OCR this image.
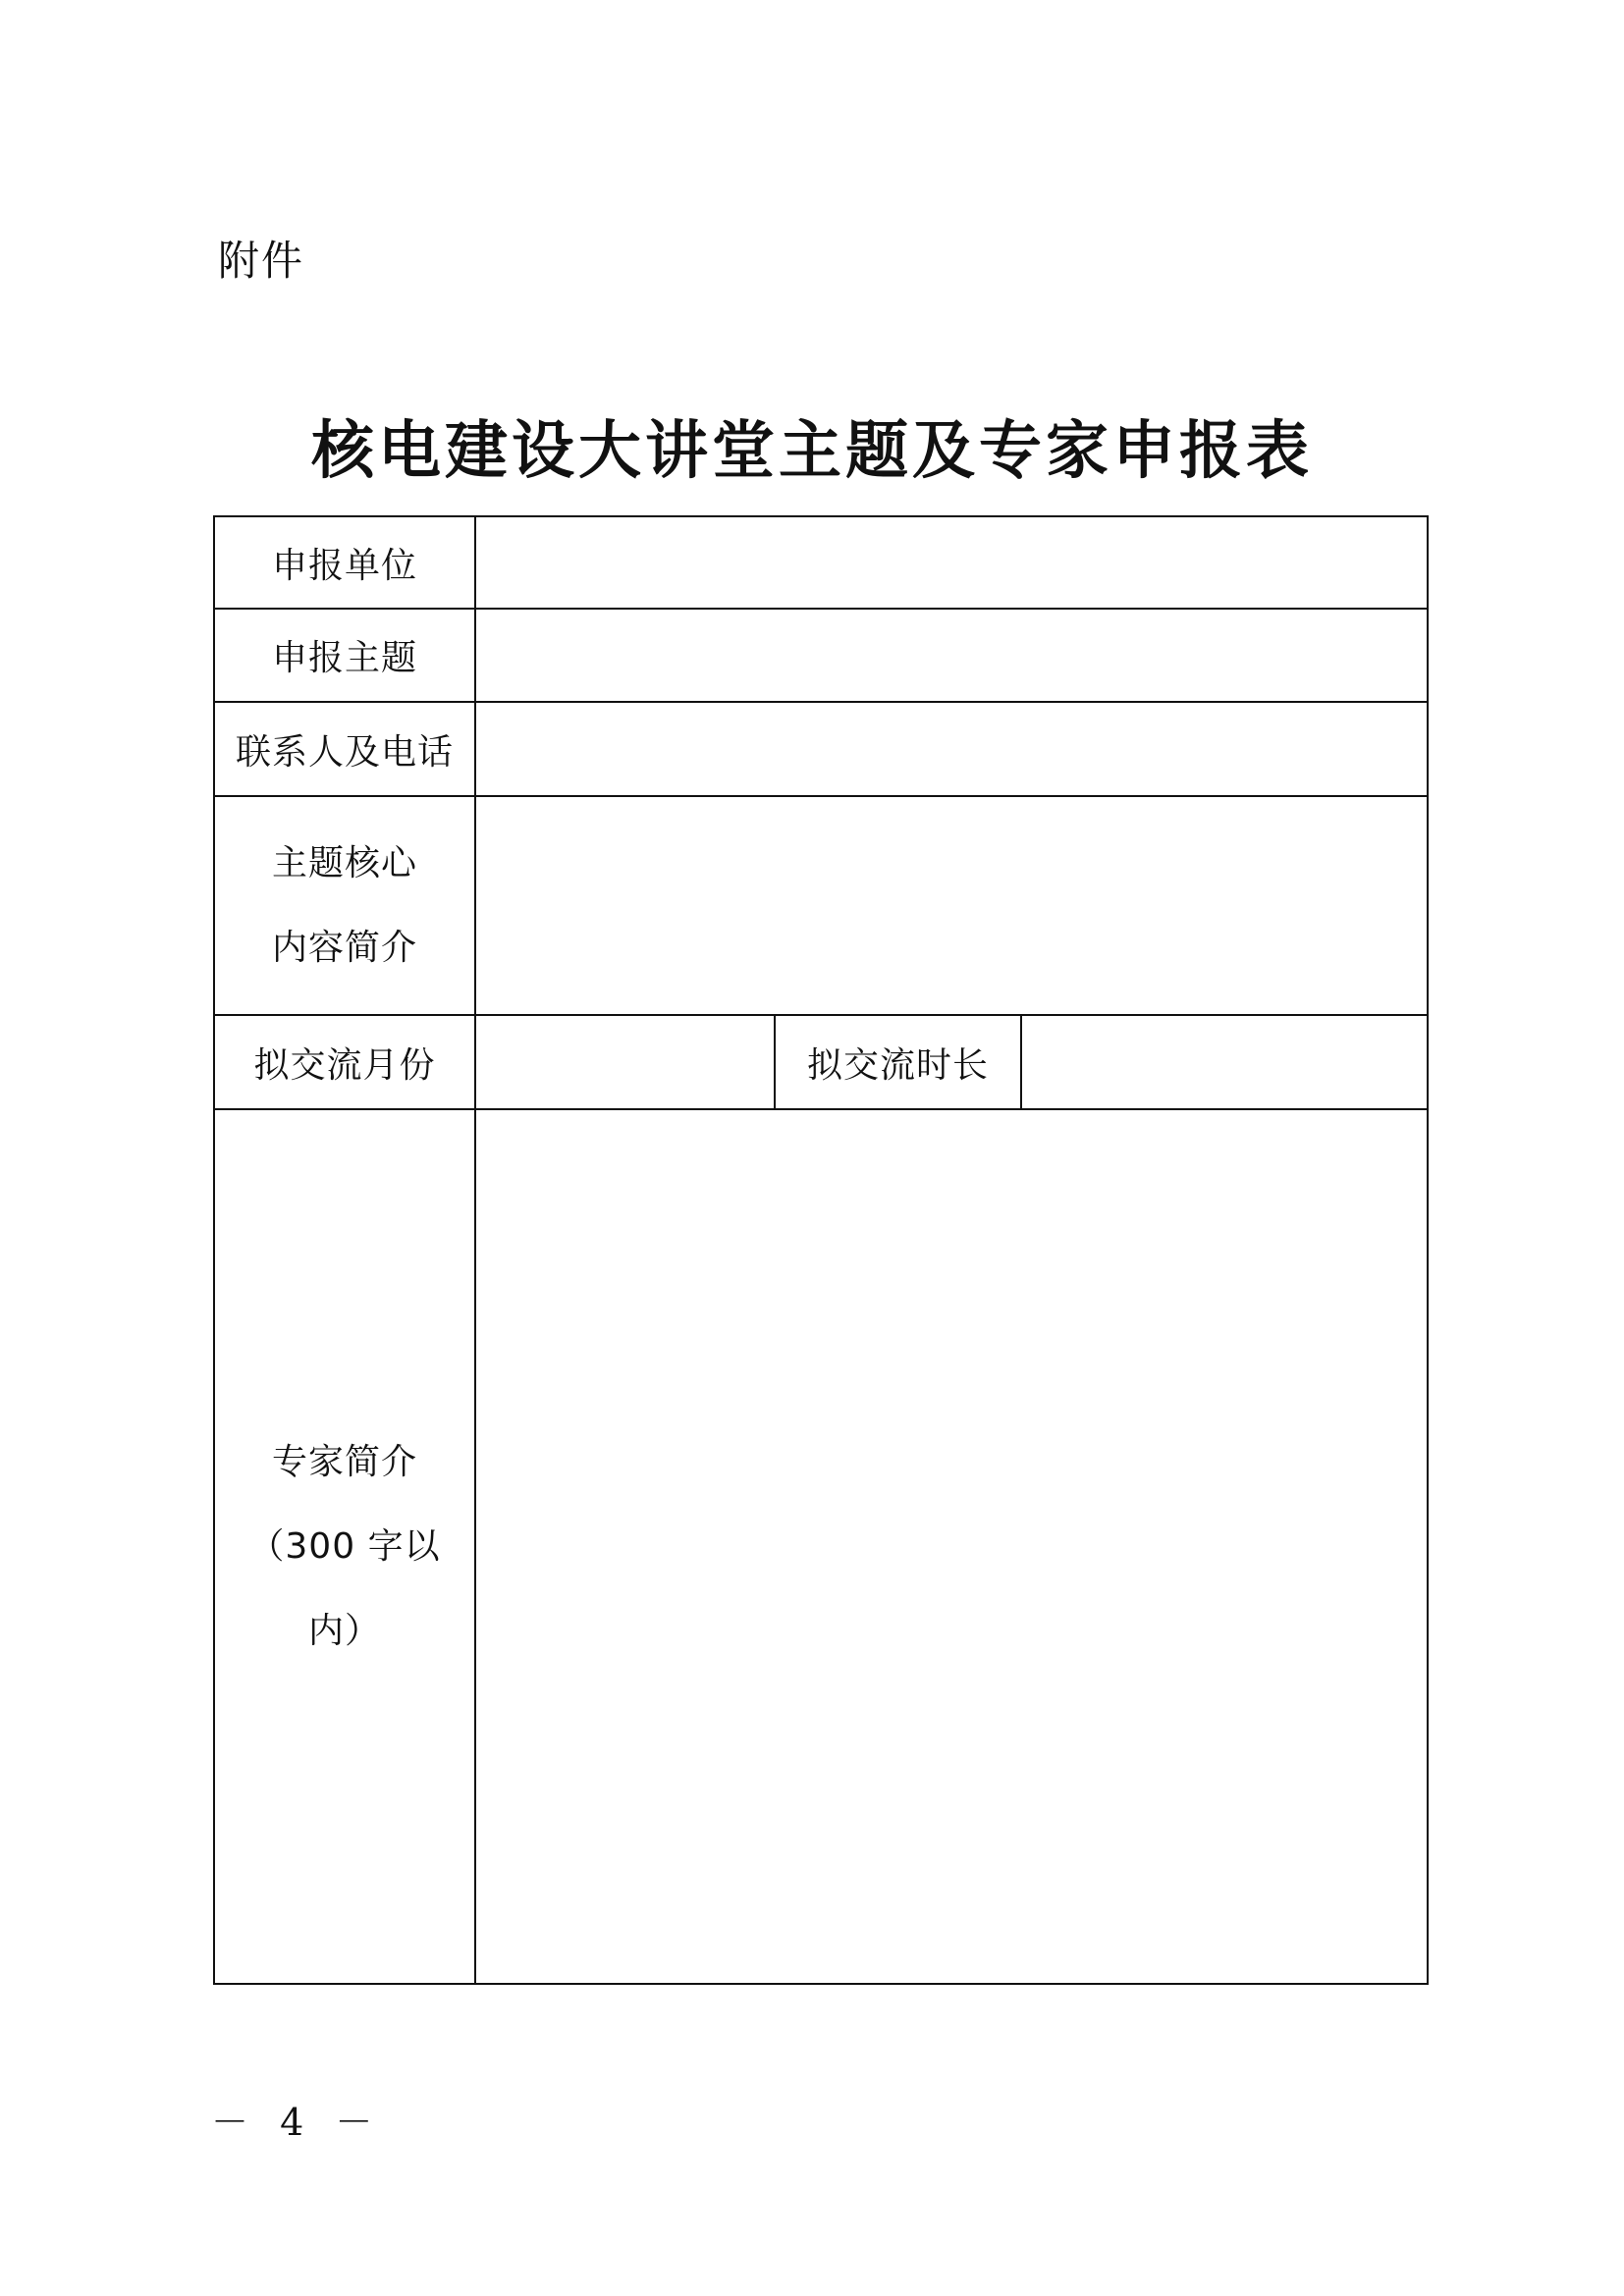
附件
核电建设大讲堂主题及专家申报表
申报单位			
申报主题			
联系人及电话			

主题核心
内容简介			

拟交流月份		拟交流时长	

专家简介
（300 字以
内）			

－ 4 －
